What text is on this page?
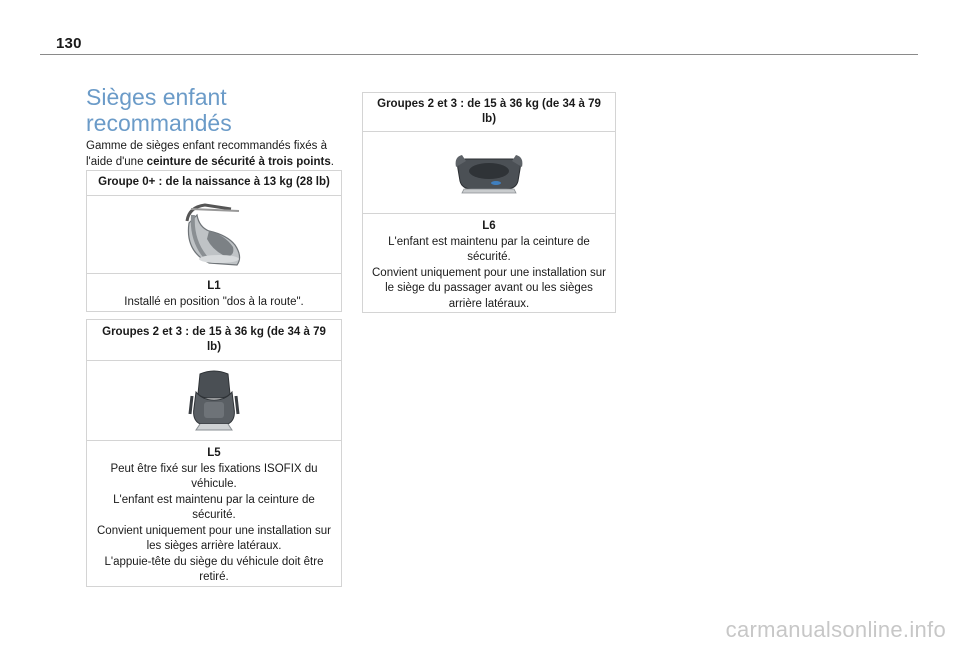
130
Sièges enfant
recommandés

Gamme de sièges enfant recommandés fixés à l'aide d'une ceinture de sécurité à trois points.

Groupe 0+ : de la naissance à 13 kg (28 lb)
L1
Installé en position "dos à la route".
Groupes 2 et 3 : de 15 à 36 kg (de 34 à 79 lb)
L5
Peut être fixé sur les fixations ISOFIX du véhicule.
L'enfant est maintenu par la ceinture de sécurité.
Convient uniquement pour une installation sur les sièges arrière latéraux.
L'appuie-tête du siège du véhicule doit être retiré.
Groupes 2 et 3 : de 15 à 36 kg (de 34 à 79 lb)
L6
L'enfant est maintenu par la ceinture de sécurité.
Convient uniquement pour une installation sur le siège du passager avant ou les sièges arrière latéraux.
carmanualsonline.info
